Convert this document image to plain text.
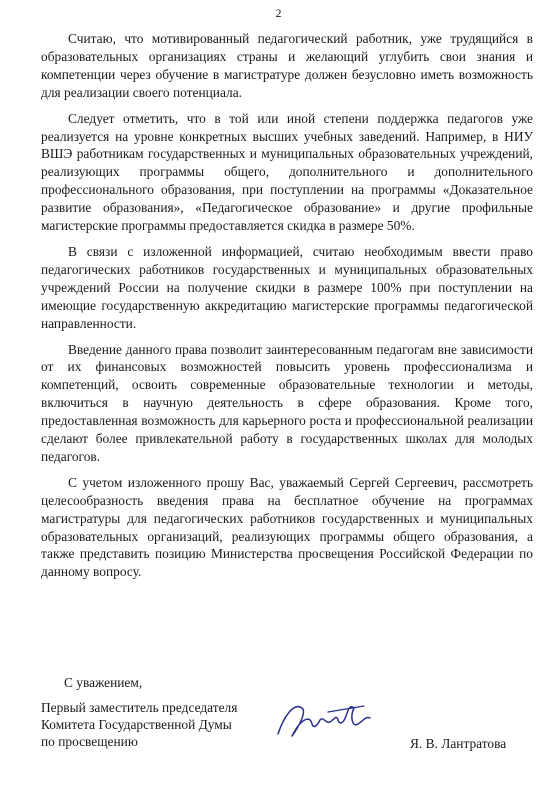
2

Считаю, что мотивированный педагогический работник, уже трудящийся в образовательных организациях страны и желающий углубить свои знания и компетенции через обучение в магистратуре должен безусловно иметь возможность для реализации своего потенциала.

Следует отметить, что в той или иной степени поддержка педагогов уже реализуется на уровне конкретных высших учебных заведений. Например, в НИУ ВШЭ работникам государственных и муниципальных образовательных учреждений, реализующих программы общего, дополнительного и дополнительного профессионального образования, при поступлении на программы «Доказательное развитие образования», «Педагогическое образование» и другие профильные магистерские программы предоставляется скидка в размере 50%.

В связи с изложенной информацией, считаю необходимым ввести право педагогических работников государственных и муниципальных образовательных учреждений России на получение скидки в размере 100% при поступлении на имеющие государственную аккредитацию магистерские программы педагогической направленности.

Введение данного права позволит заинтересованным педагогам вне зависимости от их финансовых возможностей повысить уровень профессионализма и компетенций, освоить современные образовательные технологии и методы, включиться в научную деятельность в сфере образования. Кроме того, предоставленная возможность для карьерного роста и профессиональной реализации сделают более привлекательной работу в государственных школах для молодых педагогов.

С учетом изложенного прошу Вас, уважаемый Сергей Сергеевич, рассмотреть целесообразность введения права на бесплатное обучение на программах магистратуры для педагогических работников государственных и муниципальных образовательных организаций, реализующих программы общего образования, а также представить позицию Министерства просвещения Российской Федерации по данному вопросу.

С уважением,
Первый заместитель председателя
Комитета Государственной Думы
по просвещению	Я. В. Лантратова
